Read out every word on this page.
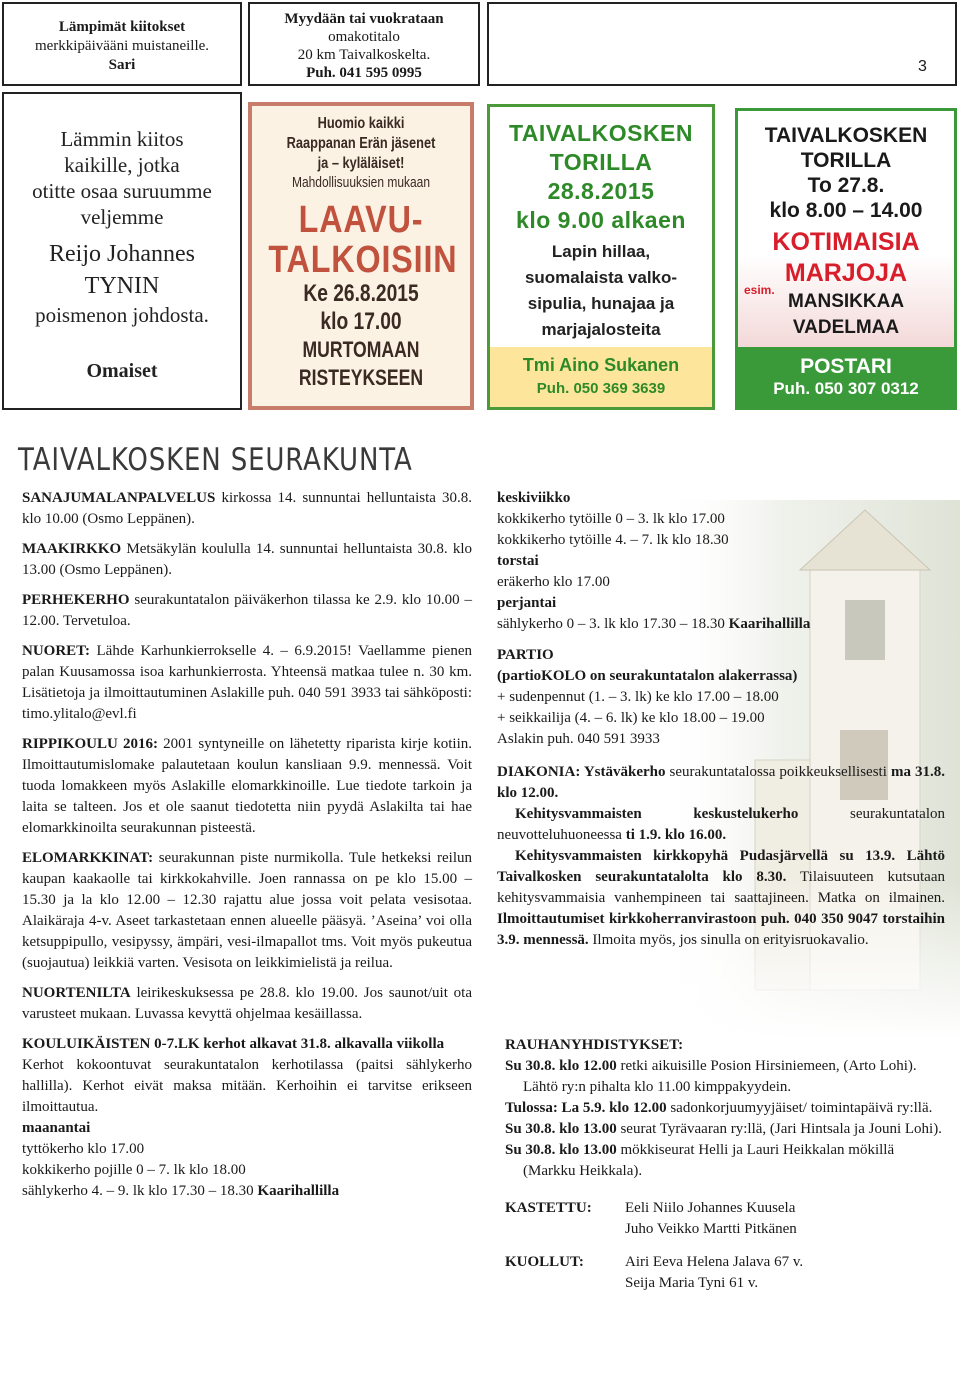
Lämpimät kiitokset
merkkipäivääni muistaneille.
Sari
Myydään tai vuokrataan
omakotitalo
20 km Taivalkoskelta.
Puh. 041 595 0995	3
Lämmin kiitos
kaikille, jotka
otitte osaa suruumme
veljemme
Reijo Johannes
TYNIN
poismenon johdosta.
Omaiset
Huomio kaikki
Raappanan Erän jäsenet
ja – kyläläiset!
Mahdollisuuksien mukaan
LAAVU-
TALKOISIIN
Ke 26.8.2015
klo 17.00
MURTOMAAN
RISTEYKSEEN
TAIVALKOSKEN
TORILLA
28.8.2015
klo 9.00 alkaen
Lapin hillaa,
suomalaista valko-
sipulia, hunajaa ja
marjajalosteita
Tmi Aino Sukanen
Puh. 050 369 3639
TAIVALKOSKEN
TORILLA
To 27.8.
klo 8.00 – 14.00
KOTIMAISIA
MARJOJA
MANSIKKAA
VADELMAA
esim.
POSTARI
Puh. 050 307 0312
TAIVALKOSKEN SEURAKUNTA

SANAJUMALANPALVELUS kirkossa 14. sunnuntai helluntaista 30.8. klo 10.00 (Osmo Leppänen).

MAAKIRKKO Metsäkylän koululla 14. sunnuntai helluntaista 30.8. klo 13.00 (Osmo Leppänen).

PERHEKERHO seurakuntatalon päiväkerhon tilassa ke 2.9. klo 10.00 – 12.00. Tervetuloa.

NUORET: Lähde Karhunkierrokselle 4. – 6.9.2015! Vaellamme pienen palan Kuusamossa isoa karhunkierrosta. Yhteensä matkaa tulee n. 30 km. Lisätietoja ja ilmoittautuminen Aslakille puh. 040 591 3933 tai sähköposti: timo.ylitalo@evl.fi

RIPPIKOULU 2016: 2001 syntyneille on lähetetty riparista kirje kotiin. Ilmoittautumislomake palautetaan koulun kansliaan 9.9. mennessä. Voit tuoda lomakkeen myös Aslakille elomarkkinoille. Lue tiedote tarkoin ja laita se talteen. Jos et ole saanut tiedotetta niin pyydä Aslakilta tai hae elomarkkinoilta seurakunnan pisteestä.

ELOMARKKINAT: seurakunnan piste nurmikolla. Tule hetkeksi reilun kaupan kaakaolle tai kirkkokahville. Joen rannassa on pe klo 15.00 – 15.30 ja la klo 12.00 – 12.30 rajattu alue jossa voit pelata vesisotaa. Alaikäraja 4-v. Aseet tarkastetaan ennen alueelle pääsyä. ’Aseina’ voi olla ketsuppipullo, vesipyssy, ämpäri, vesi-ilmapallot tms. Voit myös pukeutua (suojautua) leikkiä varten. Vesisota on leikkimielistä ja reilua.

NUORTENILTA leirikeskuksessa pe 28.8. klo 19.00. Jos saunot/uit ota varusteet mukaan. Luvassa kevyttä ohjelmaa kesäillassa.

KOULUIKÄISTEN 0-7.LK kerhot alkavat 31.8. alkavalla viikolla

Kerhot kokoontuvat seurakuntatalon kerhotilassa (paitsi sählykerho hallilla). Kerhot eivät maksa mitään. Kerhoihin ei tarvitse erikseen ilmoittautua.

maanantai

tyttökerho klo 17.00

kokkikerho pojille 0 – 7. lk klo 18.00

sählykerho 4. – 9. lk klo 17.30 – 18.30 Kaarihallilla

keskiviikko

kokkikerho tytöille 0 – 3. lk klo 17.00

kokkikerho tytöille 4. – 7. lk klo 18.30

torstai

eräkerho klo 17.00

perjantai

sählykerho 0 – 3. lk klo 17.30 – 18.30 Kaarihallilla

PARTIO

(partioKOLO on seurakuntatalon alakerrassa)

+ sudenpennut (1. – 3. lk) ke klo 17.00 – 18.00

+ seikkailija (4. – 6. lk) ke klo 18.00 – 19.00

Aslakin puh. 040 591 3933

DIAKONIA: Ystäväkerho seurakuntatalossa poikkeuksellisesti ma 31.8. klo 12.00.

Kehitysvammaisten keskustelukerho seurakuntatalon neuvotteluhuoneessa ti 1.9. klo 16.00.

Kehitysvammaisten kirkkopyhä Pudasjärvellä su 13.9. Lähtö Taivalkosken seurakuntatalolta klo 8.30. Tilaisuuteen kutsutaan kehitysvammaisia vanhempineen tai saattajineen. Matka on ilmainen. Ilmoittautumiset kirkkoherranvirastoon puh. 040 350 9047 torstaihin 3.9. mennessä. Ilmoita myös, jos sinulla on erityisruokavalio.

RAUHANYHDISTYKSET:

Su 30.8. klo 12.00 retki aikuisille Posion Hirsiniemeen, (Arto Lohi). Lähtö ry:n pihalta klo 11.00 kimppakyydein.

Tulossa: La 5.9. klo 12.00 sadonkorjuumyyjäiset/ toimintapäivä ry:llä.

Su 30.8. klo 13.00 seurat Tyrävaaran ry:llä, (Jari Hintsala ja Jouni Lohi).

Su 30.8. klo 13.00 mökkiseurat Helli ja Lauri Heikkalan mökillä (Markku Heikkala).

KASTETTU:	Eeli Niilo Johannes Kuusela
Juho Veikko Martti Pitkänen
KUOLLUT:	Airi Eeva Helena Jalava 67 v.
Seija Maria Tyni 61 v.
